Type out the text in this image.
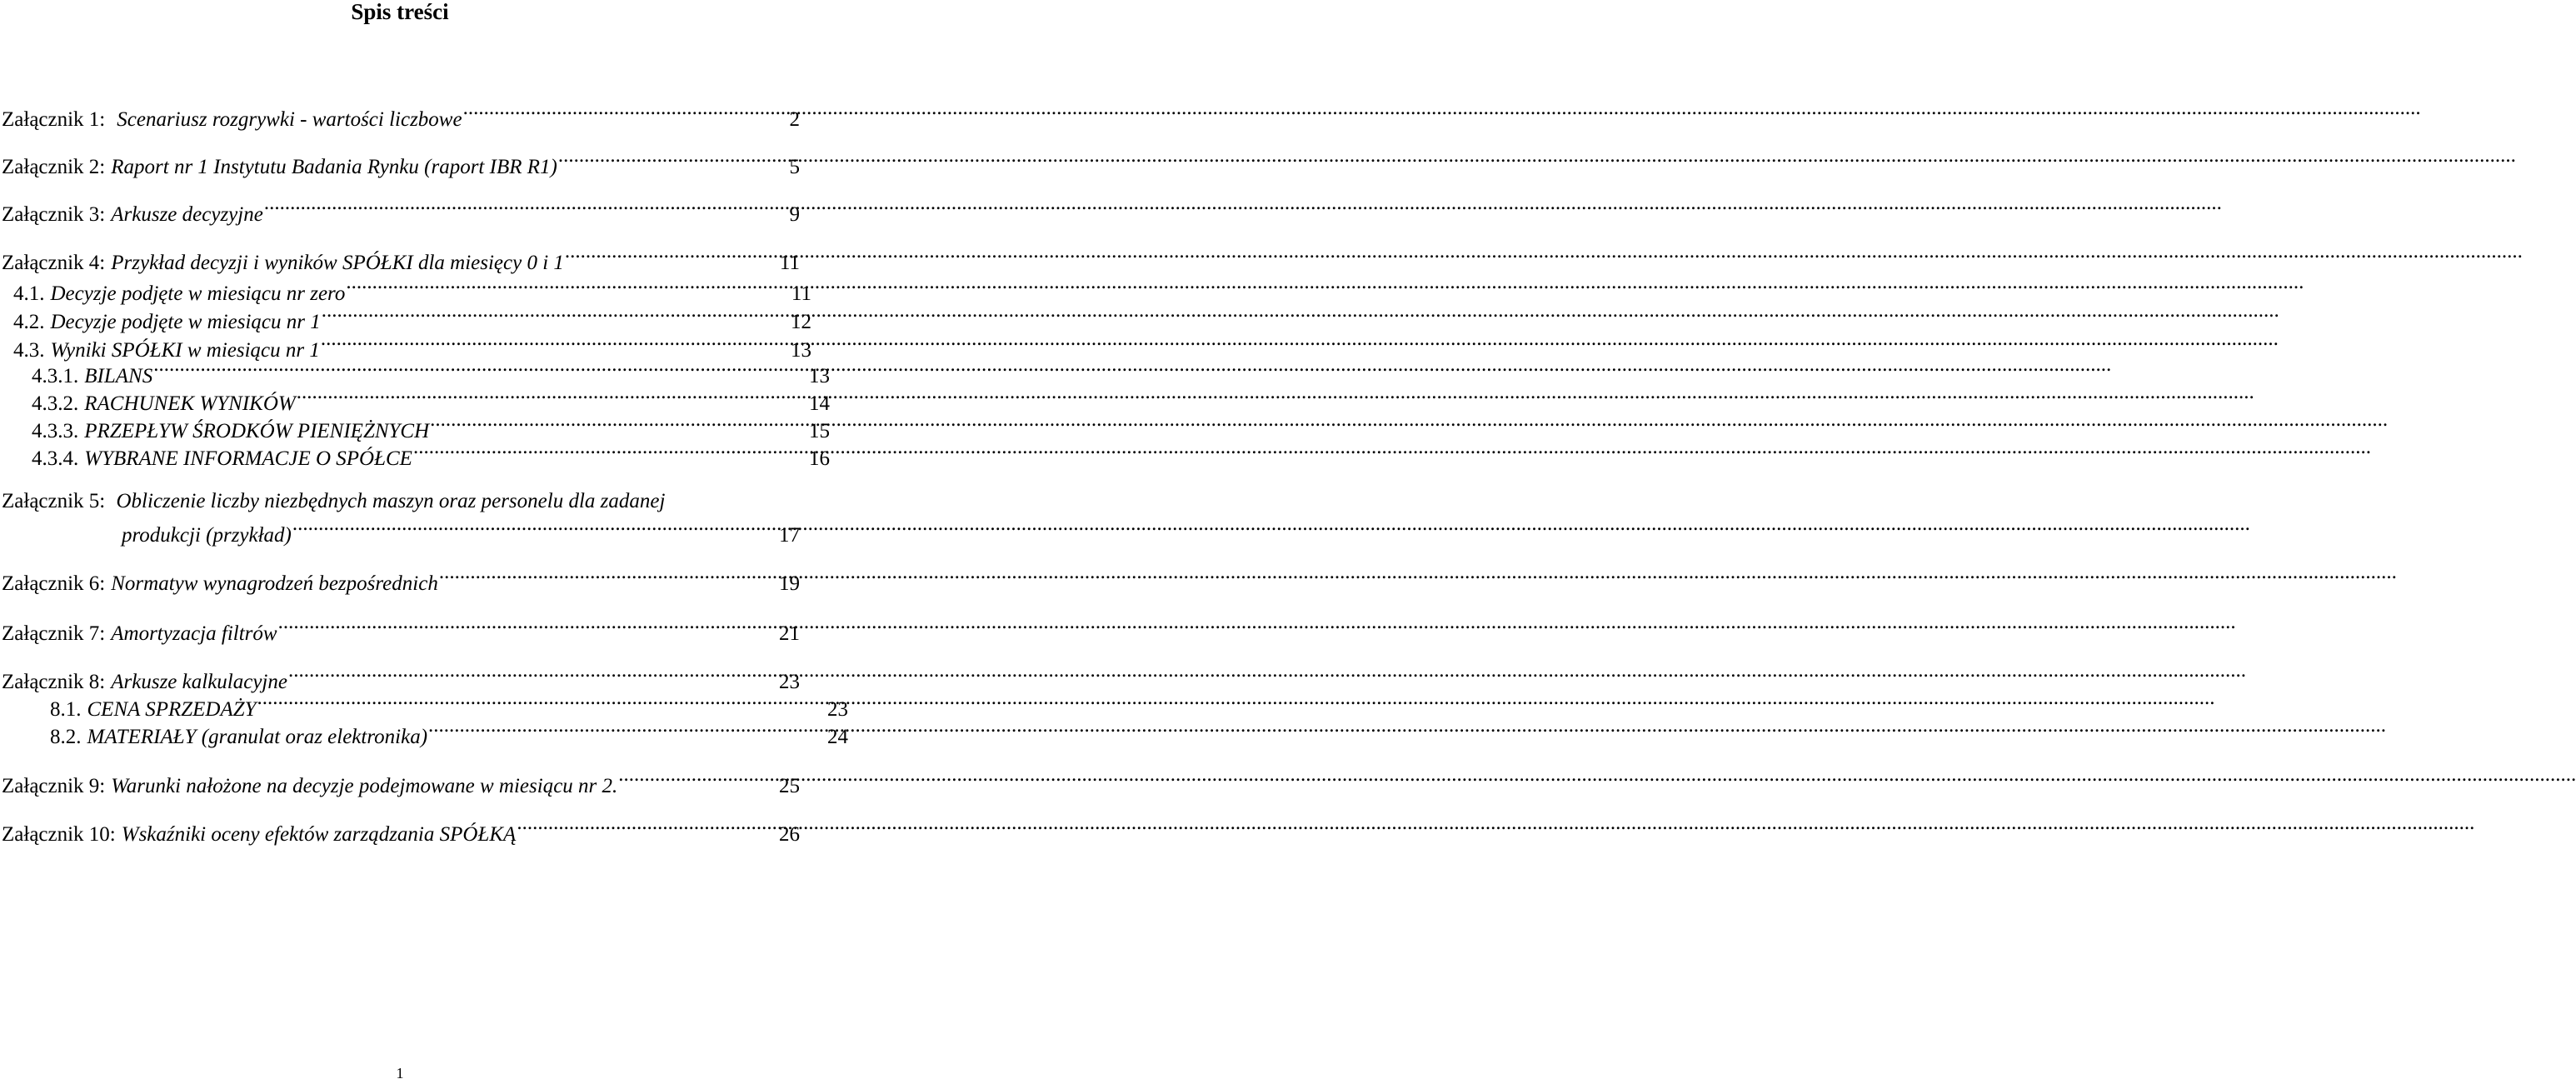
Spis treści
Załącznik 1: Scenariusz rozgrywki - wartości liczbowe .....	2
Załącznik 2: Raport nr 1 Instytutu Badania Rynku (raport IBR R1) .....	5
Załącznik 3: Arkusze decyzyjne .....	9
Załącznik 4: Przykład decyzji i wyników SPÓŁKI dla miesięcy 0 i 1 .....	11
4.1. Decyzje podjęte w miesiącu nr zero .....	11
4.2. Decyzje podjęte w miesiącu nr 1 .....	12
4.3. Wyniki SPÓŁKI w miesiącu nr 1 .....	13
4.3.1. BILANS .....	13
4.3.2. RACHUNEK WYNIKÓW .....	14
4.3.3. PRZEPŁYW ŚRODKÓW PIENIĘŻNYCH .....	15
4.3.4. WYBRANE INFORMACJE O SPÓŁCE .....	16
Załącznik 5: Obliczenie liczby niezbędnych maszyn oraz personelu dla zadanej
produkcji (przykład) .....	17
Załącznik 6: Normatyw wynagrodzeń bezpośrednich .....	19
Załącznik 7: Amortyzacja filtrów .....	21
Załącznik 8: Arkusze kalkulacyjne .....	23
8.1. CENA SPRZEDAŻY .....	23
8.2. MATERIAŁY (granulat oraz elektronika) .....	24
Załącznik 9: Warunki nałożone na decyzje podejmowane w miesiącu nr 2. .....	25
Załącznik 10: Wskaźniki oceny efektów zarządzania SPÓŁKĄ .....	26
1
